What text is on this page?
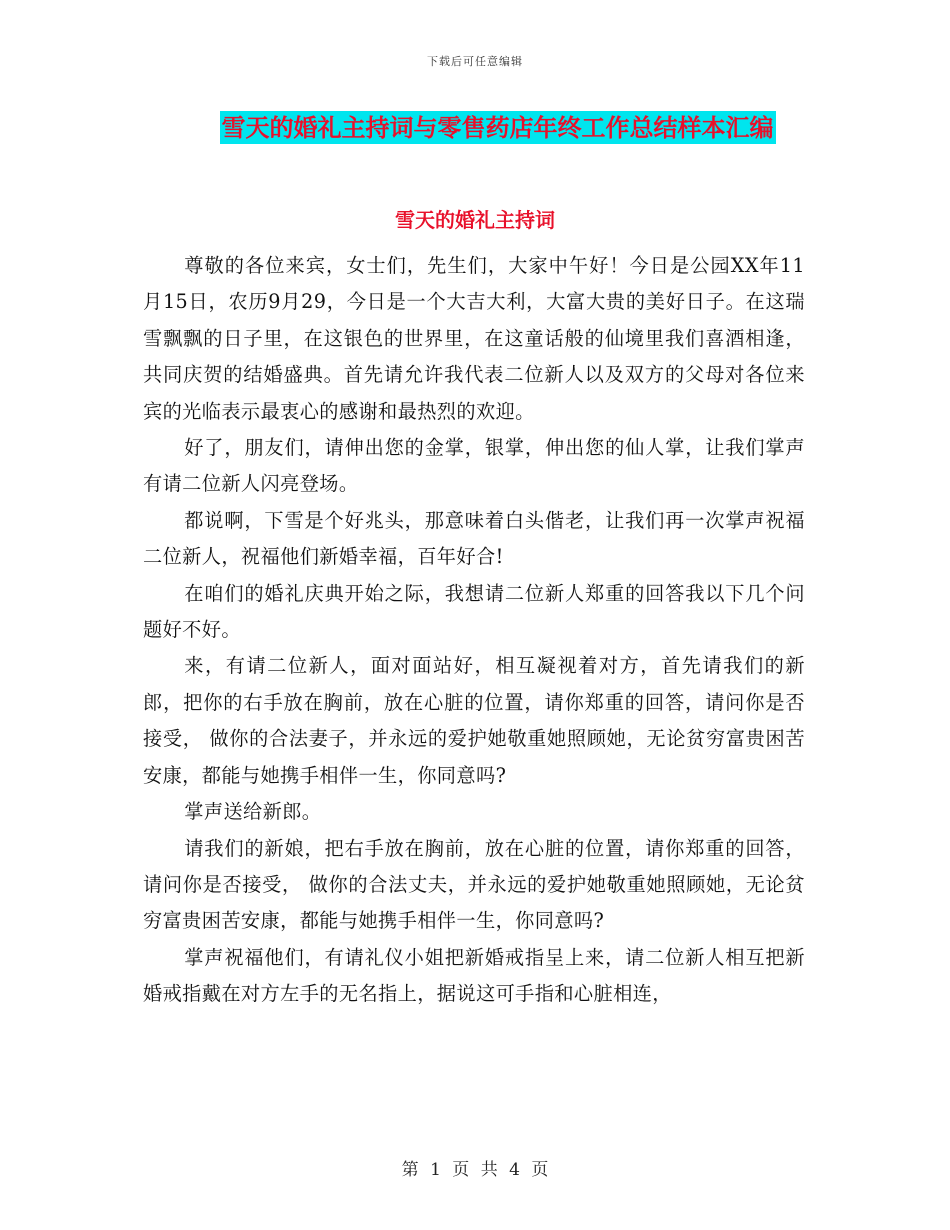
下载后可任意编辑
雪天的婚礼主持词与零售药店年终工作总结样本汇编
雪天的婚礼主持词

尊敬的各位来宾，女士们，先生们，大家中午好！今日是公园XX年11月15日，农历9月29，今日是一个大吉大利，大富大贵的美好日子。在这瑞雪飘飘的日子里，在这银色的世界里，在这童话般的仙境里我们喜酒相逢，共同庆贺的结婚盛典。首先请允许我代表二位新人以及双方的父母对各位来宾的光临表示最衷心的感谢和最热烈的欢迎。

好了，朋友们，请伸出您的金掌，银掌，伸出您的仙人掌，让我们掌声有请二位新人闪亮登场。

都说啊，下雪是个好兆头，那意味着白头偕老，让我们再一次掌声祝福二位新人，祝福他们新婚幸福，百年好合!

在咱们的婚礼庆典开始之际，我想请二位新人郑重的回答我以下几个问题好不好。

来，有请二位新人，面对面站好，相互凝视着对方，首先请我们的新郎，把你的右手放在胸前，放在心脏的位置，请你郑重的回答，请问你是否接受， 做你的合法妻子，并永远的爱护她敬重她照顾她，无论贫穷富贵困苦安康，都能与她携手相伴一生，你同意吗?

掌声送给新郎。

请我们的新娘，把右手放在胸前，放在心脏的位置，请你郑重的回答，请问你是否接受， 做你的合法丈夫，并永远的爱护她敬重她照顾她，无论贫穷富贵困苦安康，都能与她携手相伴一生，你同意吗?

掌声祝福他们，有请礼仪小姐把新婚戒指呈上来，请二位新人相互把新婚戒指戴在对方左手的无名指上，据说这可手指和心脏相连，

第 1 页 共 4 页
